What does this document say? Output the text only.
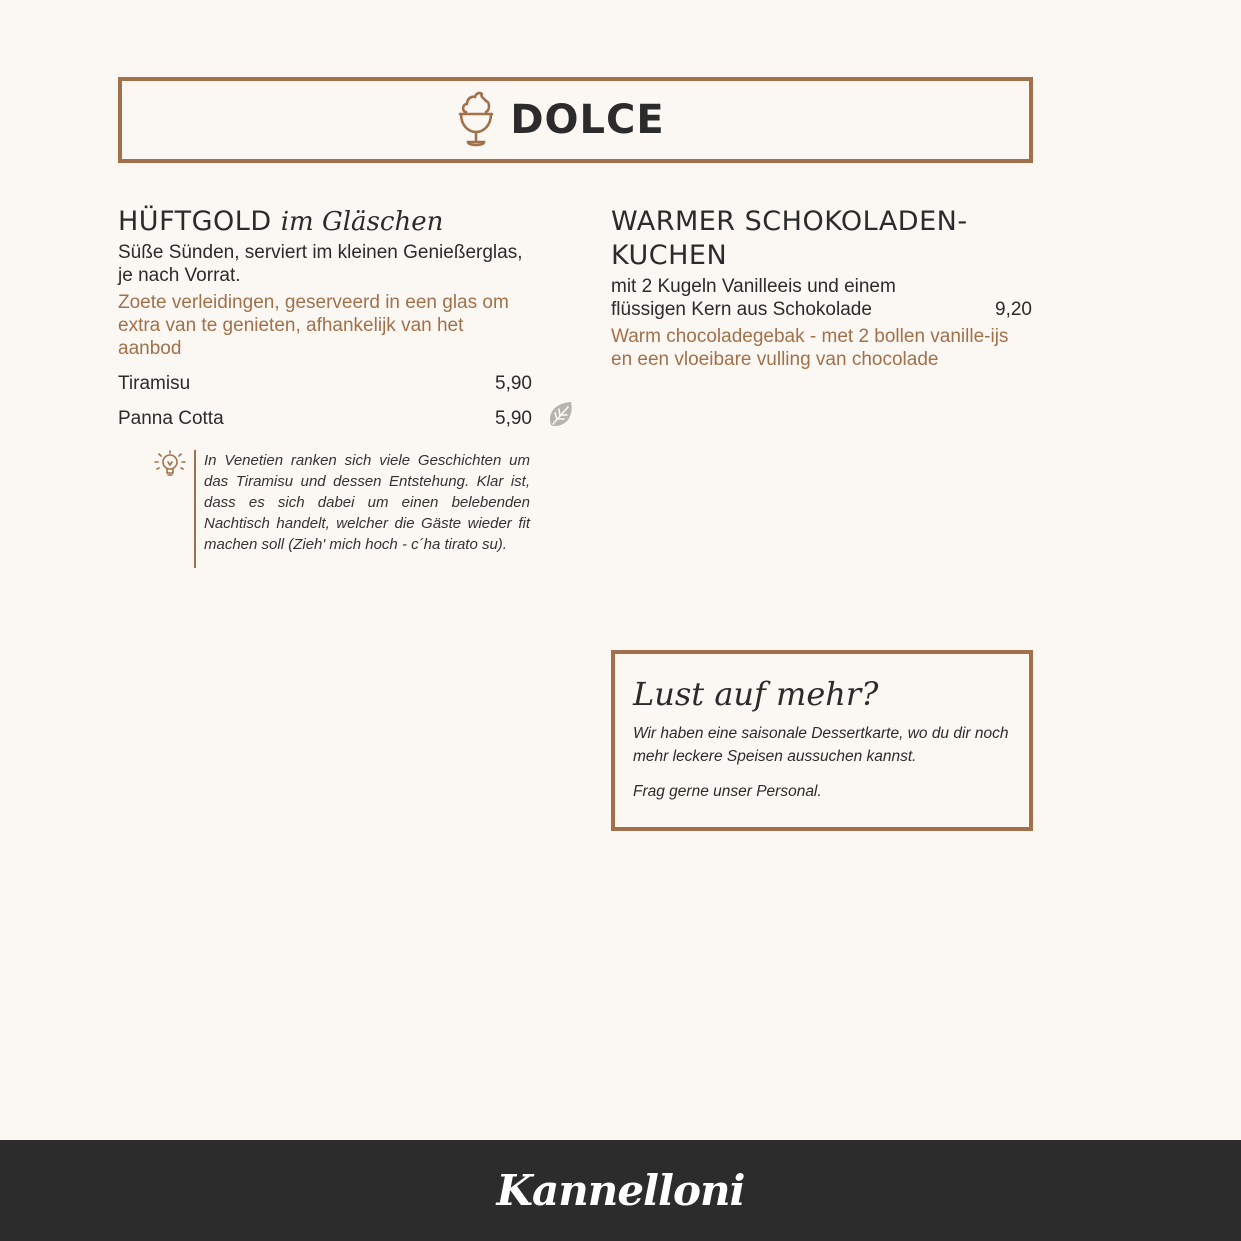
DOLCE
HÜFTGOLD im Gläschen
Süße Sünden, serviert im kleinen Genießerglas, je nach Vorrat.
Zoete verleidingen, geserveerd in een glas om extra van te genieten, afhankelijk van het aanbod
Tiramisu	5,90
Panna Cotta	5,90

In Venetien ranken sich viele Geschichten um das Tiramisu und dessen Entstehung. Klar ist, dass es sich dabei um einen belebenden Nachtisch handelt, welcher die Gäste wieder fit machen soll (Zieh' mich hoch - c´ha tirato su).

WARMER SCHOKOLADEN-KUCHEN
mit 2 Kugeln Vanilleeis und einem flüssigen Kern aus Schokolade	9,20
Warm chocoladegebak - met 2 bollen vanille-ijs en een vloeibare vulling van chocolade
Lust auf mehr?

Wir haben eine saisonale Dessertkarte, wo du dir noch mehr leckere Speisen aussuchen kannst.

Frag gerne unser Personal.

Kannelloni
